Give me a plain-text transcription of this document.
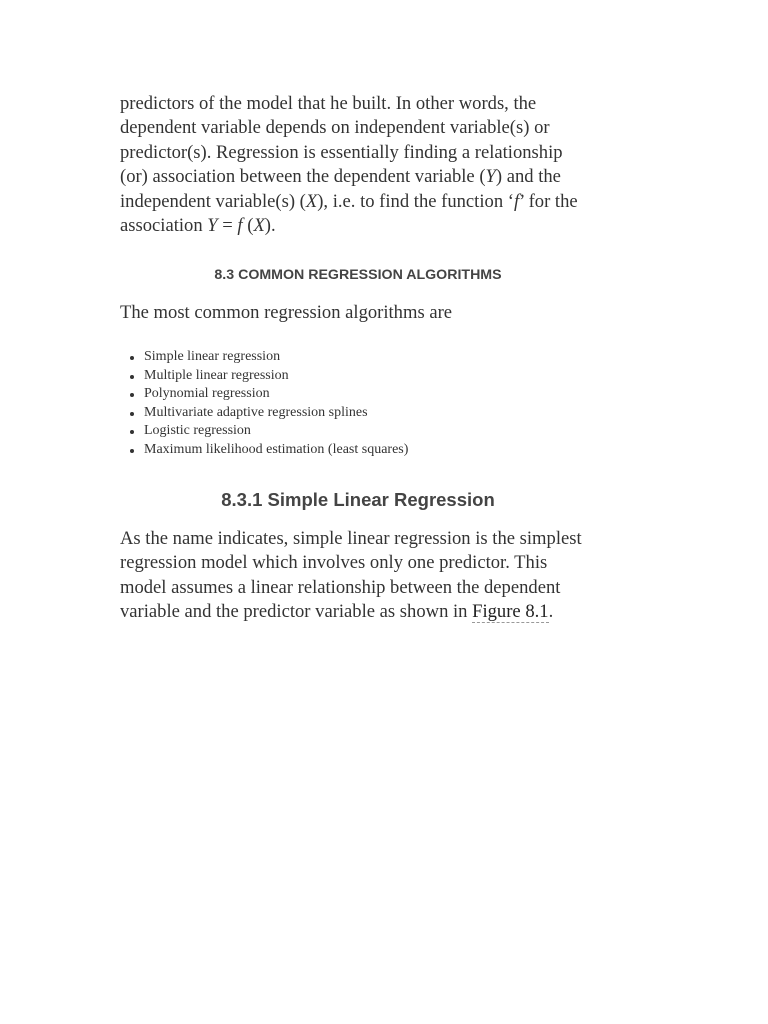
predictors of the model that he built. In other words, the
dependent variable depends on independent variable(s) or
predictor(s). Regression is essentially finding a relationship
(or) association between the dependent variable (Y) and the
independent variable(s) (X), i.e. to find the function ‘f’ for the
association Y = f (X).
8.3 COMMON REGRESSION ALGORITHMS

The most common regression algorithms are

Simple linear regression
Multiple linear regression
Polynomial regression
Multivariate adaptive regression splines
Logistic regression
Maximum likelihood estimation (least squares)
8.3.1 Simple Linear Regression
As the name indicates, simple linear regression is the simplest
regression model which involves only one predictor. This
model assumes a linear relationship between the dependent
variable and the predictor variable as shown in Figure 8.1.
